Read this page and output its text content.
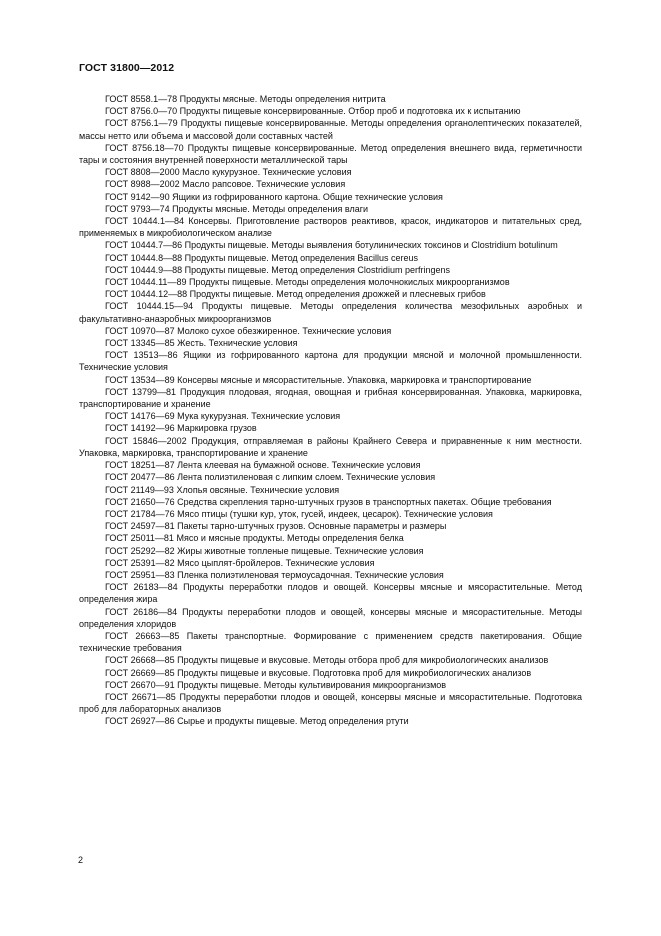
ГОСТ 31800—2012

ГОСТ 8558.1—78 Продукты мясные. Методы определения нитрита

ГОСТ 8756.0—70 Продукты пищевые консервированные. Отбор проб и подготовка их к испытанию

ГОСТ 8756.1—79 Продукты пищевые консервированные. Методы определения органолептических показателей, массы нетто или объема и массовой доли составных частей

ГОСТ 8756.18—70 Продукты пищевые консервированные. Метод определения внешнего вида, герметичности тары и состояния внутренней поверхности металлической тары

ГОСТ 8808—2000 Масло кукурузное. Технические условия

ГОСТ 8988—2002 Масло рапсовое. Технические условия

ГОСТ 9142—90 Ящики из гофрированного картона. Общие технические условия

ГОСТ 9793—74 Продукты мясные. Методы определения влаги

ГОСТ 10444.1—84 Консервы. Приготовление растворов реактивов, красок, индикаторов и питательных сред, применяемых в микробиологическом анализе

ГОСТ 10444.7—86 Продукты пищевые. Методы выявления ботулинических токсинов и Clostridium botulinum

ГОСТ 10444.8—88 Продукты пищевые. Метод определения Bacillus cereus

ГОСТ 10444.9—88 Продукты пищевые. Метод определения Clostridium perfringens

ГОСТ 10444.11—89 Продукты пищевые. Методы определения молочнокислых микроорганизмов

ГОСТ 10444.12—88 Продукты пищевые. Метод определения дрожжей и плесневых грибов

ГОСТ 10444.15—94 Продукты пищевые. Методы определения количества мезофильных аэробных и факультативно-анаэробных микроорганизмов

ГОСТ 10970—87 Молоко сухое обезжиренное. Технические условия

ГОСТ 13345—85 Жесть. Технические условия

ГОСТ 13513—86 Ящики из гофрированного картона для продукции мясной и молочной промышленности. Технические условия

ГОСТ 13534—89 Консервы мясные и мясорастительные. Упаковка, маркировка и транспортирование

ГОСТ 13799—81 Продукция плодовая, ягодная, овощная и грибная консервированная. Упаковка, маркировка, транспортирование и хранение

ГОСТ 14176—69 Мука кукурузная. Технические условия

ГОСТ 14192—96 Маркировка грузов

ГОСТ 15846—2002 Продукция, отправляемая в районы Крайнего Севера и приравненные к ним местности. Упаковка, маркировка, транспортирование и хранение

ГОСТ 18251—87 Лента клеевая на бумажной основе. Технические условия

ГОСТ 20477—86 Лента полиэтиленовая с липким слоем. Технические условия

ГОСТ 21149—93 Хлопья овсяные. Технические условия

ГОСТ 21650—76 Средства скрепления тарно-штучных грузов в транспортных пакетах. Общие требования

ГОСТ 21784—76 Мясо птицы (тушки кур, уток, гусей, индеек, цесарок). Технические условия

ГОСТ 24597—81 Пакеты тарно-штучных грузов. Основные параметры и размеры

ГОСТ 25011—81 Мясо и мясные продукты. Методы определения белка

ГОСТ 25292—82 Жиры животные топленые пищевые. Технические условия

ГОСТ 25391—82 Мясо цыплят-бройлеров. Технические условия

ГОСТ 25951—83 Пленка полиэтиленовая термоусадочная. Технические условия

ГОСТ 26183—84 Продукты переработки плодов и овощей. Консервы мясные и мясорастительные. Метод определения жира

ГОСТ 26186—84 Продукты переработки плодов и овощей, консервы мясные и мясорастительные. Методы определения хлоридов

ГОСТ 26663—85 Пакеты транспортные. Формирование с применением средств пакетирования. Общие технические требования

ГОСТ 26668—85 Продукты пищевые и вкусовые. Методы отбора проб для микробиологических анализов

ГОСТ 26669—85 Продукты пищевые и вкусовые. Подготовка проб для микробиологических анализов

ГОСТ 26670—91 Продукты пищевые. Методы культивирования микроорганизмов

ГОСТ 26671—85 Продукты переработки плодов и овощей, консервы мясные и мясорастительные. Подготовка проб для лабораторных анализов

ГОСТ 26927—86 Сырье и продукты пищевые. Метод определения ртути

2
